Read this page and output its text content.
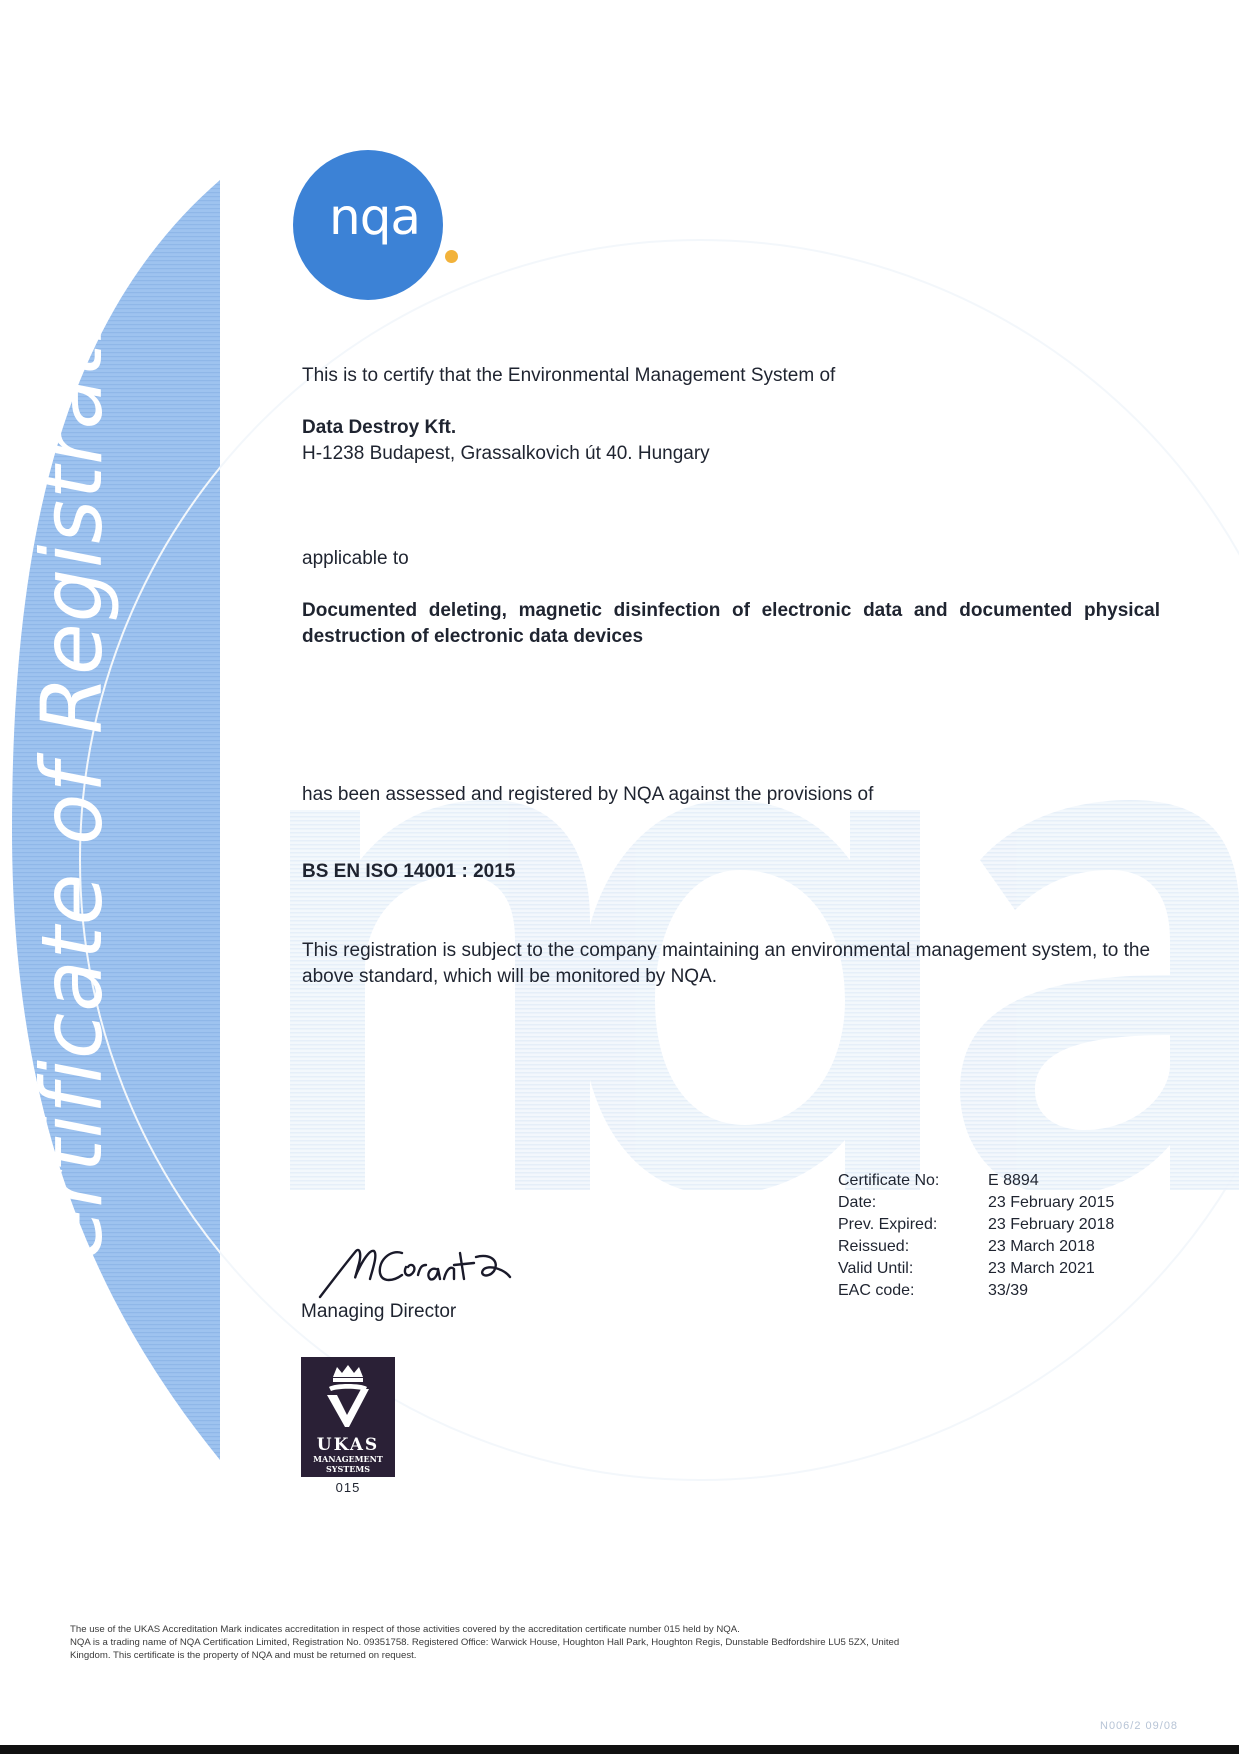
Certificate of Registration	nqa
This is to certify that the Environmental Management System of
Data Destroy Kft.
H-1238 Budapest, Grassalkovich út 40. Hungary
applicable to
Documented deleting, magnetic disinfection of electronic data and documented physical destruction of electronic data devices
has been assessed and registered by NQA against the provisions of
BS EN ISO 14001 : 2015
This registration is subject to the company maintaining an environmental management system, to the above standard, which will be monitored by NQA.
Certificate No:	E 8894
Date:	23 February 2015
Prev. Expired:	23 February 2018
Reissued:	23 March 2018
Valid Until:	23 March 2021
EAC code:	33/39
Managing Director
UKAS
MANAGEMENT
SYSTEMS
015
The use of the UKAS Accreditation Mark indicates accreditation in respect of those activities covered by the accreditation certificate number 015 held by NQA.
NQA is a trading name of NQA Certification Limited, Registration No. 09351758. Registered Office: Warwick House, Houghton Hall Park, Houghton Regis, Dunstable Bedfordshire LU5 5ZX, United
Kingdom. This certificate is the property of NQA and must be returned on request.
N006/2 09/08
